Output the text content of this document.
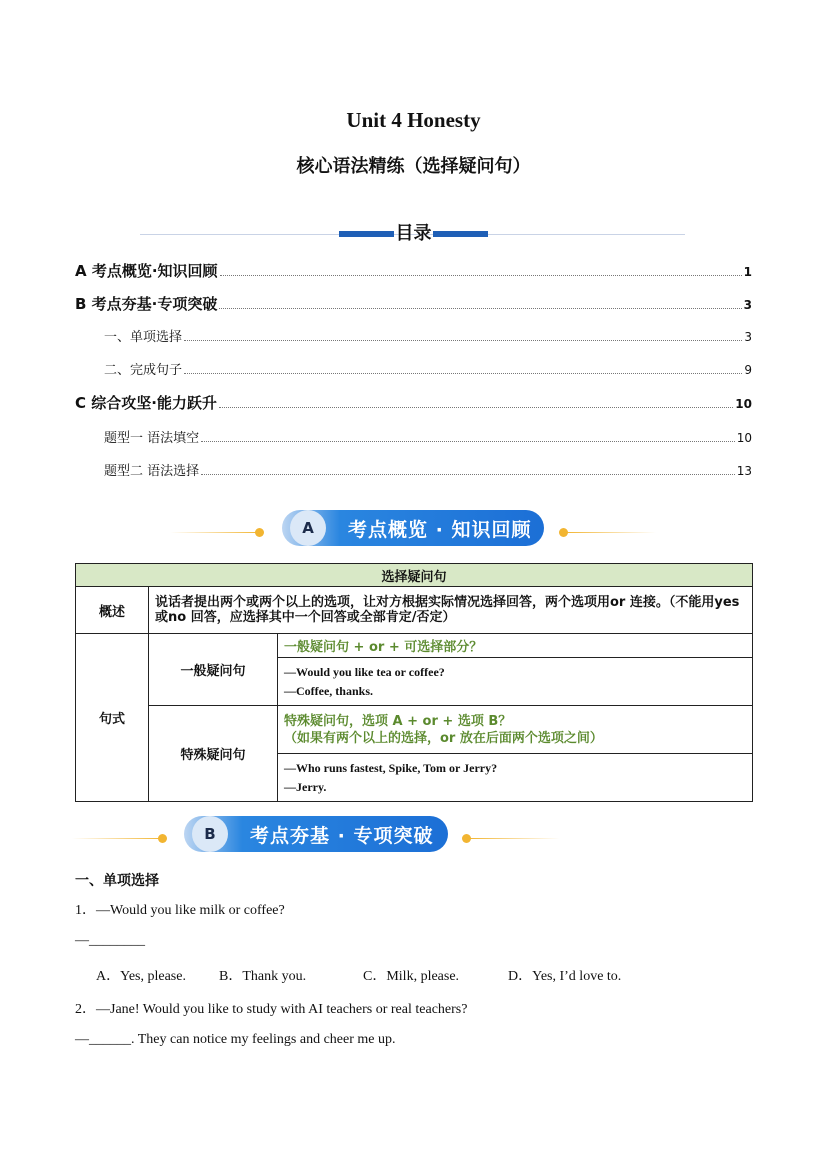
Unit 4 Honesty
核心语法精练（选择疑问句）
目录
A 考点概览·知识回顾	1
B 考点夯基·专项突破	3
一、单项选择	3
二、完成句子	9
C 综合攻坚·能力跃升	10
题型一 语法填空	10
题型二 语法选择	13
A	考点概览 · 知识回顾
选择疑问句		
概述	说话者提出两个或两个以上的选项，让对方根据实际情况选择回答，两个选项用or 连接。（不能用yes 或no 回答，应选择其中一个回答或全部肯定/否定）	
句式	一般疑问句	一般疑问句 + or + 可选择部分？

		—Would you like tea or coffee?
—Coffee, thanks.

	特殊疑问句	特殊疑问句，选项 A + or + 选项 B？
（如果有两个以上的选择，or 放在后面两个选项之间）

		—Who runs fastest, Spike, Tom or Jerry?
—Jerry.
B	考点夯基 · 专项突破
一、单项选择
1．—Would you like milk or coffee?
—________
A．Yes, please. B．Thank you.	C．Milk, please.	D．Yes, I’d love to.
2．—Jane! Would you like to study with AI teachers or real teachers?
—______. They can notice my feelings and cheer me up.
